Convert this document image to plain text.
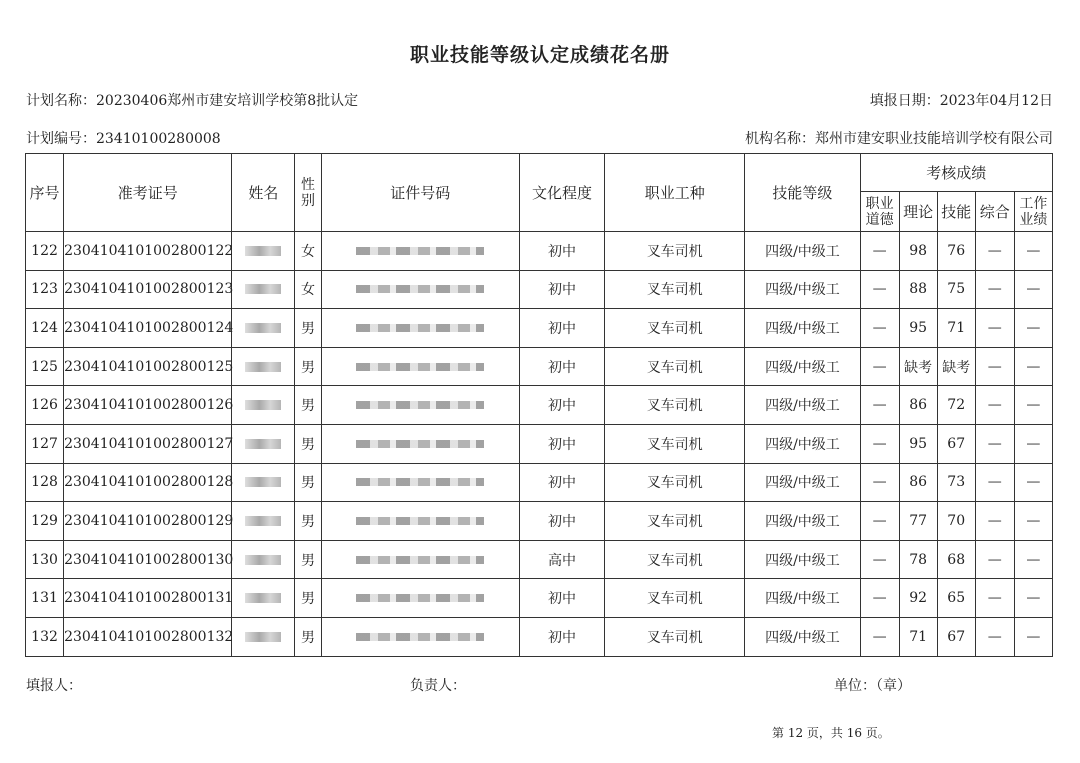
职业技能等级认定成绩花名册
计划名称：20230406郑州市建安培训学校第8批认定	填报日期：2023年04月12日
计划编号：23410100280008	机构名称：郑州市建安职业技能培训学校有限公司
序号	准考证号	姓名	性别	证件号码	文化程度	职业工种	技能等级	考核成绩				
								职业道德	理论	技能	综合	工作业绩
122	2304104101002800122		女		初中	叉车司机	四级/中级工	—	98	76	—	—
123	2304104101002800123		女		初中	叉车司机	四级/中级工	—	88	75	—	—
124	2304104101002800124		男		初中	叉车司机	四级/中级工	—	95	71	—	—
125	2304104101002800125		男		初中	叉车司机	四级/中级工	—	缺考	缺考	—	—
126	2304104101002800126		男		初中	叉车司机	四级/中级工	—	86	72	—	—
127	2304104101002800127		男		初中	叉车司机	四级/中级工	—	95	67	—	—
128	2304104101002800128		男		初中	叉车司机	四级/中级工	—	86	73	—	—
129	2304104101002800129		男		初中	叉车司机	四级/中级工	—	77	70	—	—
130	2304104101002800130		男		高中	叉车司机	四级/中级工	—	78	68	—	—
131	2304104101002800131		男		初中	叉车司机	四级/中级工	—	92	65	—	—
132	2304104101002800132		男		初中	叉车司机	四级/中级工	—	71	67	—	—
填报人：	负责人：	单位：（章）
第 12 页，共 16 页。
